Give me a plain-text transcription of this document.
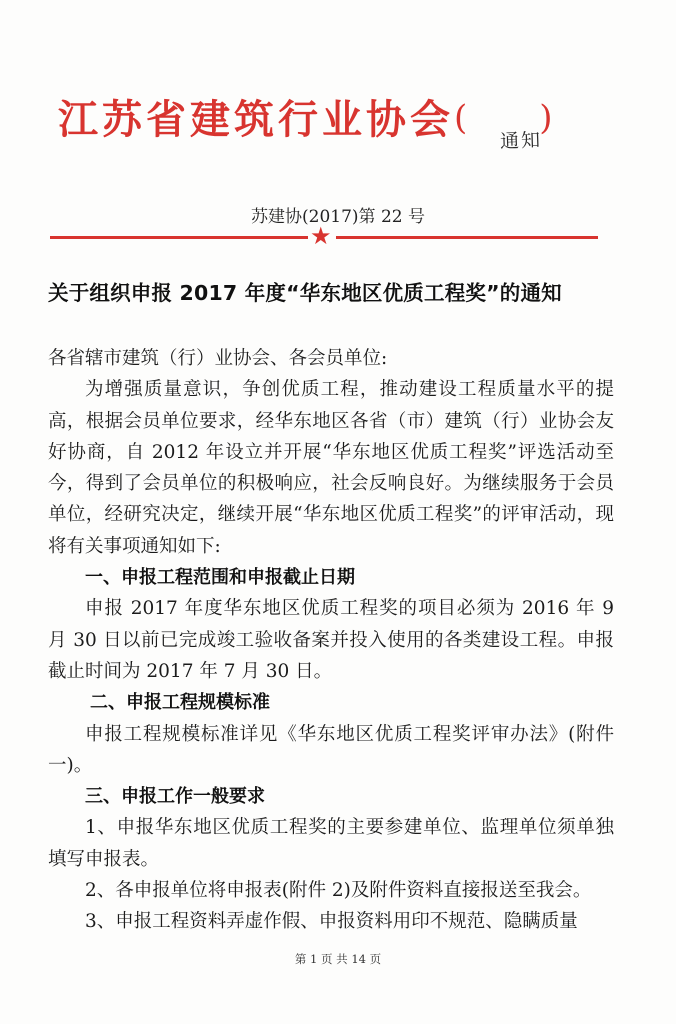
江苏省建筑行业协会( )
通知
苏建协(2017)第 22 号
★
关于组织申报 2017 年度“华东地区优质工程奖”的通知

各省辖市建筑（行）业协会、各会员单位:

为增强质量意识，争创优质工程，推动建设工程质量水平的提高，根据会员单位要求，经华东地区各省（市）建筑（行）业协会友好协商，自 2012 年设立并开展“华东地区优质工程奖”评选活动至今，得到了会员单位的积极响应，社会反响良好。为继续服务于会员单位，经研究决定，继续开展“华东地区优质工程奖”的评审活动，现将有关事项通知如下:

一、申报工程范围和申报截止日期

申报 2017 年度华东地区优质工程奖的项目必须为 2016 年 9 月 30 日以前已完成竣工验收备案并投入使用的各类建设工程。申报截止时间为 2017 年 7 月 30 日。

二、申报工程规模标准

申报工程规模标准详见《华东地区优质工程奖评审办法》(附件一)。

三、申报工作一般要求

1、申报华东地区优质工程奖的主要参建单位、监理单位须单独填写申报表。

2、各申报单位将申报表(附件 2)及附件资料直接报送至我会。

3、申报工程资料弄虚作假、申报资料用印不规范、隐瞒质量

第 1 页 共 14 页
